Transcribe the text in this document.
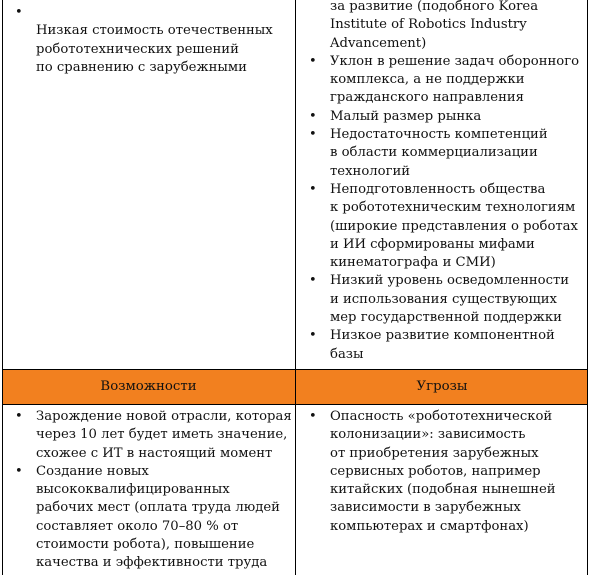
•
Низкая стоимость отечественных
робототехнических решений
по сравнению с зарубежными

за развитие (подобного Korea
Institute of Robotics Industry
Advancement)
• Уклон в решение задач оборонного
комплекса, а не поддержки
гражданского направления
• Малый размер рынка
• Недостаточность компетенций
в области коммерциализации
технологий
• Неподготовленность общества
к робототехническим технологиям
(широкие представления о роботах
и ИИ сформированы мифами
кинематографа и СМИ)
• Низкий уровень осведомленности
и использования существующих
мер государственной поддержки
• Низкое развитие компонентной
базы
Возможности	Угрозы
• Зарождение новой отрасли, которая
через 10 лет будет иметь значение,
схожее с ИТ в настоящий момент
• Создание новых
высококвалифицированных
рабочих мест (оплата труда людей
составляет около 70–80 % от
стоимости робота), повышение
качества и эффективности труда
• Опасность «робототехнической
колонизации»: зависимость
от приобретения зарубежных
сервисных роботов, например
китайских (подобная нынешней
зависимости в зарубежных
компьютерах и смартфонах)
